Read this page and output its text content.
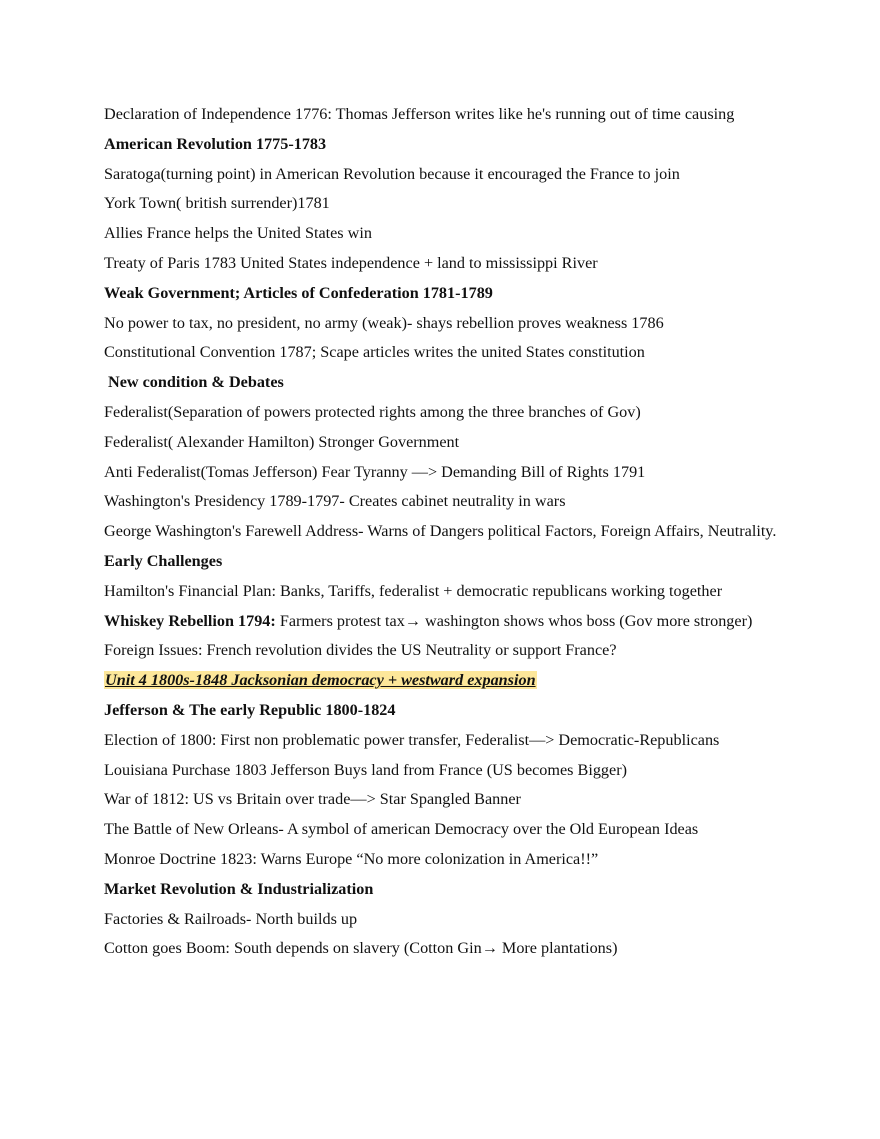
Declaration of Independence 1776: Thomas Jefferson writes like he's running out of time causing

American Revolution 1775-1783

Saratoga(turning point) in American Revolution because it encouraged the France to join

York Town( british surrender)1781

Allies France helps the United States win

Treaty of Paris 1783 United States independence + land to mississippi River

Weak Government; Articles of Confederation 1781-1789

No power to tax, no president, no army (weak)- shays rebellion proves weakness 1786

Constitutional Convention 1787; Scape articles writes the united States constitution

New condition & Debates

Federalist(Separation of powers protected rights among the three branches of Gov)

Federalist( Alexander Hamilton) Stronger Government

Anti Federalist(Tomas Jefferson) Fear Tyranny —> Demanding Bill of Rights 1791

Washington's Presidency 1789-1797- Creates cabinet neutrality in wars

George Washington's Farewell Address- Warns of Dangers political Factors, Foreign Affairs, Neutrality.

Early Challenges

Hamilton's Financial Plan: Banks, Tariffs, federalist + democratic republicans working together

Whiskey Rebellion 1794: Farmers protest tax→ washington shows whos boss (Gov more stronger)

Foreign Issues: French revolution divides the US Neutrality or support France?

Unit 4 1800s-1848 Jacksonian democracy + westward expansion

Jefferson & The early Republic 1800-1824

Election of 1800: First non problematic power transfer, Federalist—> Democratic-Republicans

Louisiana Purchase 1803 Jefferson Buys land from France (US becomes Bigger)

War of 1812: US vs Britain over trade—> Star Spangled Banner

The Battle of New Orleans- A symbol of american Democracy over the Old European Ideas

Monroe Doctrine 1823: Warns Europe “No more colonization in America!!”

Market Revolution & Industrialization

Factories & Railroads- North builds up

Cotton goes Boom: South depends on slavery (Cotton Gin→ More plantations)
